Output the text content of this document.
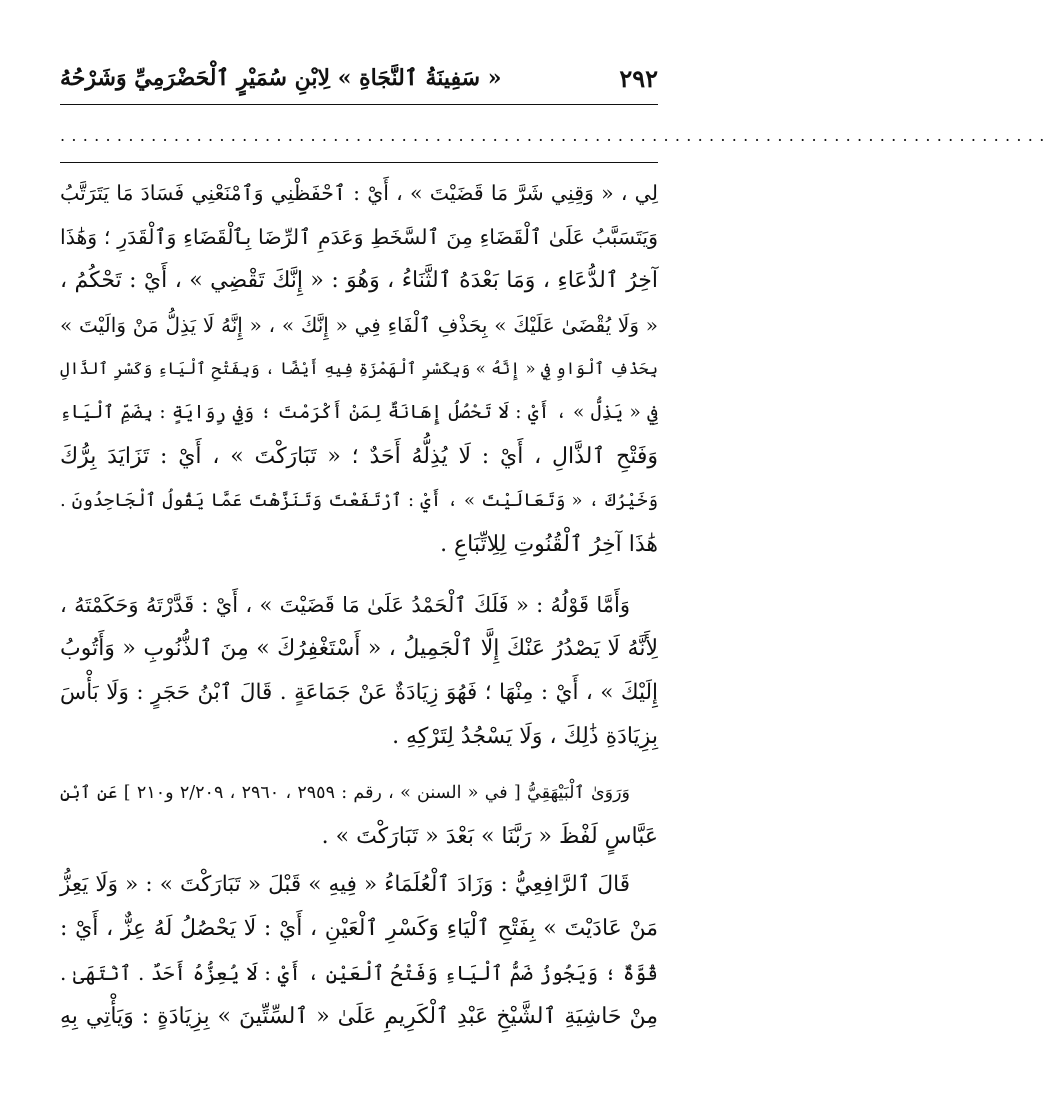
٢٩٢
« سَفِينَةُ ٱلنَّجَاةِ » لِابْنِ سُمَيْرٍ ٱلْحَضْرَمِيِّ وَشَرْحُهُ
.......................................................................................
لِي ، « وَقِنِي شَرَّ مَا قَضَيْتَ » ، أَيْ : ٱحْفَظْنِي وَٱمْنَعْنِي فَسَادَ مَا يَتَرَتَّبُ
وَيَتَسَبَّبُ عَلَىٰ ٱلْقَضَاءِ مِنَ ٱلسَّخَطِ وَعَدَمِ ٱلرِّضَا بِٱلْقَضَاءِ وَٱلْقَدَرِ ؛ وَهَٰذَا
آخِرُ ٱلدُّعَاءِ ، وَمَا بَعْدَهُ ٱلثَّنَاءُ ، وَهُوَ : « إِنَّكَ تَقْضِي » ، أَيْ : تَحْكُمُ ،
« وَلَا يُقْضَىٰ عَلَيْكَ » بِحَذْفِ ٱلْفَاءِ فِي « إِنَّكَ » ، « إِنَّهُ لَا يَذِلُّ مَنْ وَالَيْتَ »
بِحَذْفِ ٱلْوَاوِ فِي « إِنَّهُ » وَبِكَسْرِ ٱلْهَمْزَةِ فِيهِ أَيْضًا ، وَبِفَتْحِ ٱلْيَاءِ وَكَسْرِ ٱلذَّالِ
فِي « يَذِلُّ » ، أَيْ : لَا تَحْصُلُ إِهَانَةٌ لِمَنْ أَكْرَمْتَ ؛ وَفِي رِوَايَةٍ : بِضَمِّ ٱلْيَاءِ
وَفَتْحِ ٱلذَّالِ ، أَيْ : لَا يُذِلُّهُ أَحَدٌ ؛ « تَبَارَكْتَ » ، أَيْ : تَزَايَدَ بِرُّكَ
وَخَيْرُكَ ، « وَتَعَالَيْتَ » ، أَيْ : ٱرْتَفَعْتَ وَتَنَزَّهْتَ عَمَّا يَقُولُ ٱلْجَاحِدُونَ .
هَٰذَا آخِرُ ٱلْقُنُوتِ لِلِاتِّبَاعِ .
وَأَمَّا قَوْلُهُ : « فَلَكَ ٱلْحَمْدُ عَلَىٰ مَا قَضَيْتَ » ، أَيْ : قَدَّرْتَهُ وَحَكَمْتَهُ ،
لِأَنَّهُ لَا يَصْدُرُ عَنْكَ إِلَّا ٱلْجَمِيلُ ، « أَسْتَغْفِرُكَ » مِنَ ٱلذُّنُوبِ « وَأَتُوبُ
إِلَيْكَ » ، أَيْ : مِنْهَا ؛ فَهُوَ زِيَادَةٌ عَنْ جَمَاعَةٍ . قَالَ ٱبْنُ حَجَرٍ : وَلَا بَأْسَ
بِزِيَادَةِ ذَٰلِكَ ، وَلَا يَسْجُدُ لِتَرْكِهِ .
وَرَوَىٰ ٱلْبَيْهَقِيُّ [ في « السنن » ، رقم : ٢٩٥٩ ، ٢٩٦٠ ، ٢/٢٠٩ و٢١٠ ] عَنِ ٱبْنِ
عَبَّاسٍ لَفْظَ « رَبَّنَا » بَعْدَ « تَبَارَكْتَ » .
قَالَ ٱلرَّافِعِيُّ : وَزَادَ ٱلْعُلَمَاءُ « فِيهِ » قَبْلَ « تَبَارَكْتَ » : « وَلَا يَعِزُّ
مَنْ عَادَيْتَ » بِفَتْحِ ٱلْيَاءِ وَكَسْرِ ٱلْعَيْنِ ، أَيْ : لَا يَحْصُلُ لَهُ عِزٌّ ، أَيْ :
قُوَّةٌ ؛ وَيَجُوزُ ضَمُّ ٱلْيَاءِ وَفَتْحُ ٱلْعَيْنِ ، أَيْ : لَا يُعِزُّهُ أَحَدٌ . ٱنْتَهَىٰ .
مِنْ حَاشِيَةِ ٱلشَّيْخِ عَبْدِ ٱلْكَرِيمِ عَلَىٰ « ٱلسِّتِّينَ » بِزِيَادَةٍ : وَيَأْتِي بِهِ
